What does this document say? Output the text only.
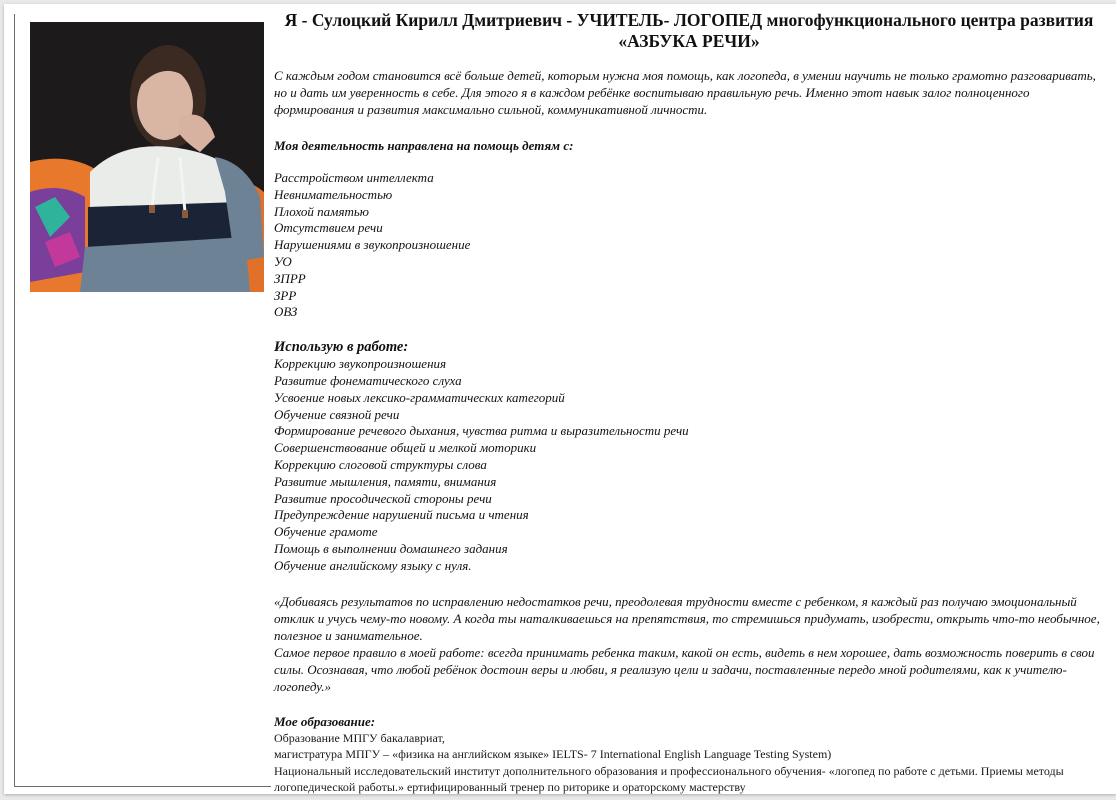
Я - Сулоцкий Кирилл Дмитриевич - УЧИТЕЛЬ- ЛОГОПЕД многофункционального центра развития «АЗБУКА РЕЧИ»

С каждым годом становится всё больше детей, которым нужна моя помощь, как логопеда, в умении научить не только грамотно разговаривать, но и дать им уверенность в себе. Для этого я в каждом ребёнке воспитываю правильную речь. Именно этот навык залог полноценного формирования и развития максимально сильной, коммуникативной личности.

Моя деятельность направлена на помощь детям с:

Расстройством интеллекта
Невнимательностью
Плохой памятью
Отсутствием речи
Нарушениями в звукопроизношение
УО
ЗПРР
ЗРР
ОВЗ

Использую в работе:

Коррекцию звукопроизношения
Развитие фонематического слуха
Усвоение новых лексико-грамматических категорий
Обучение связной речи
Формирование речевого дыхания, чувства ритма и выразительности речи
Совершенствование общей и мелкой моторики
Коррекцию слоговой структуры слова
Развитие мышления, памяти, внимания
Развитие просодической стороны речи
Предупреждение нарушений письма и чтения
Обучение грамоте
Помощь в выполнении домашнего задания
Обучение английскому языку с нуля.

«Добиваясь результатов по исправлению недостатков речи, преодолевая трудности вместе с ребенком, я каждый раз получаю эмоциональный отклик и учусь чему-то новому. А когда ты наталкиваешься на препятствия, то стремишься придумать, изобрести, открыть что-то необычное, полезное и занимательное.

Самое первое правило в моей работе: всегда принимать ребенка таким, какой он есть, видеть в нем хорошее, дать возможность поверить в свои силы. Осознавая, что любой ребёнок достоин веры и любви, я реализую цели и задачи, поставленные передо мной родителями, как к учителю-логопеду.»

Мое образование:

Образование МПГУ бакалавриат,

магистратура МПГУ – «физика на английском языке» IELTS- 7 International English Language Testing System)

Национальный исследовательский институт дополнительного образования и профессионального обучения- «логопед по работе с детьми. Приемы методы логопедической работы.» ертифицированный тренер по риторике и ораторскому мастерству
